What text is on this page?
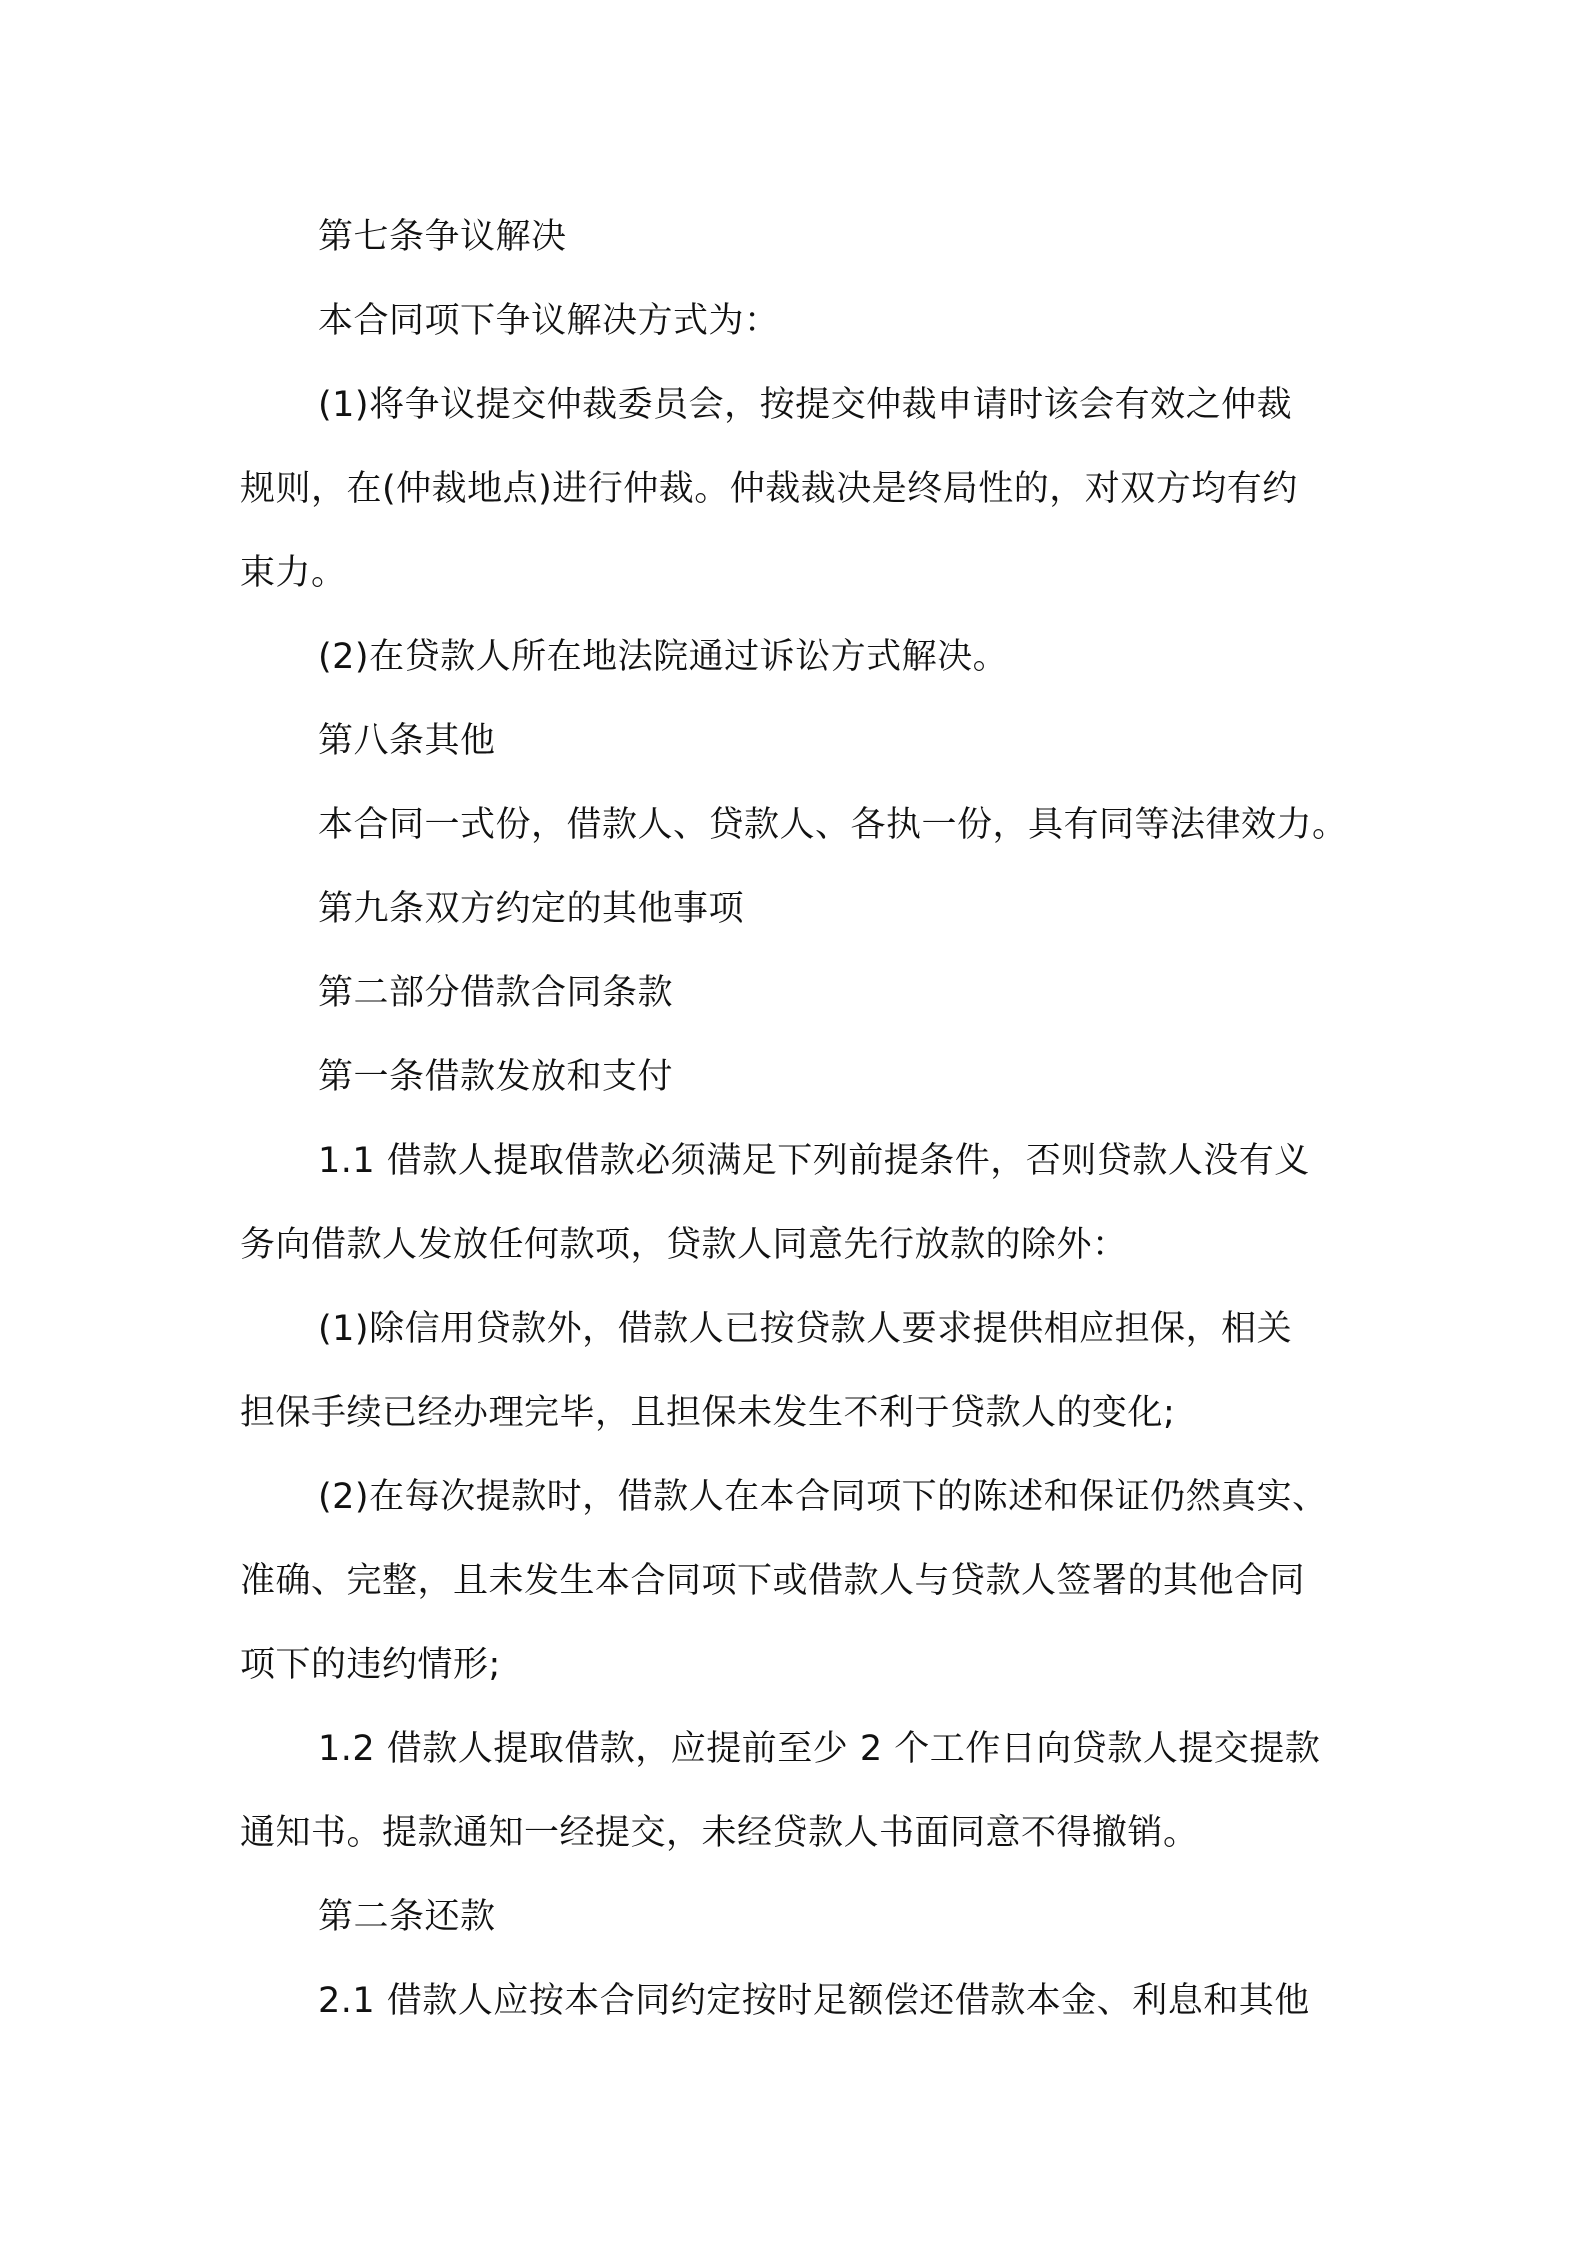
第七条争议解决
本合同项下争议解决方式为：
(1)将争议提交仲裁委员会，按提交仲裁申请时该会有效之仲裁
规则，在(仲裁地点)进行仲裁。仲裁裁决是终局性的，对双方均有约
束力。
(2)在贷款人所在地法院通过诉讼方式解决。
第八条其他
本合同一式份，借款人、贷款人、各执一份，具有同等法律效力。
第九条双方约定的其他事项
第二部分借款合同条款
第一条借款发放和支付
1.1 借款人提取借款必须满足下列前提条件，否则贷款人没有义
务向借款人发放任何款项，贷款人同意先行放款的除外：
(1)除信用贷款外，借款人已按贷款人要求提供相应担保，相关
担保手续已经办理完毕，且担保未发生不利于贷款人的变化;
(2)在每次提款时，借款人在本合同项下的陈述和保证仍然真实、
准确、完整，且未发生本合同项下或借款人与贷款人签署的其他合同
项下的违约情形;
1.2 借款人提取借款，应提前至少 2 个工作日向贷款人提交提款
通知书。提款通知一经提交，未经贷款人书面同意不得撤销。
第二条还款
2.1 借款人应按本合同约定按时足额偿还借款本金、利息和其他
